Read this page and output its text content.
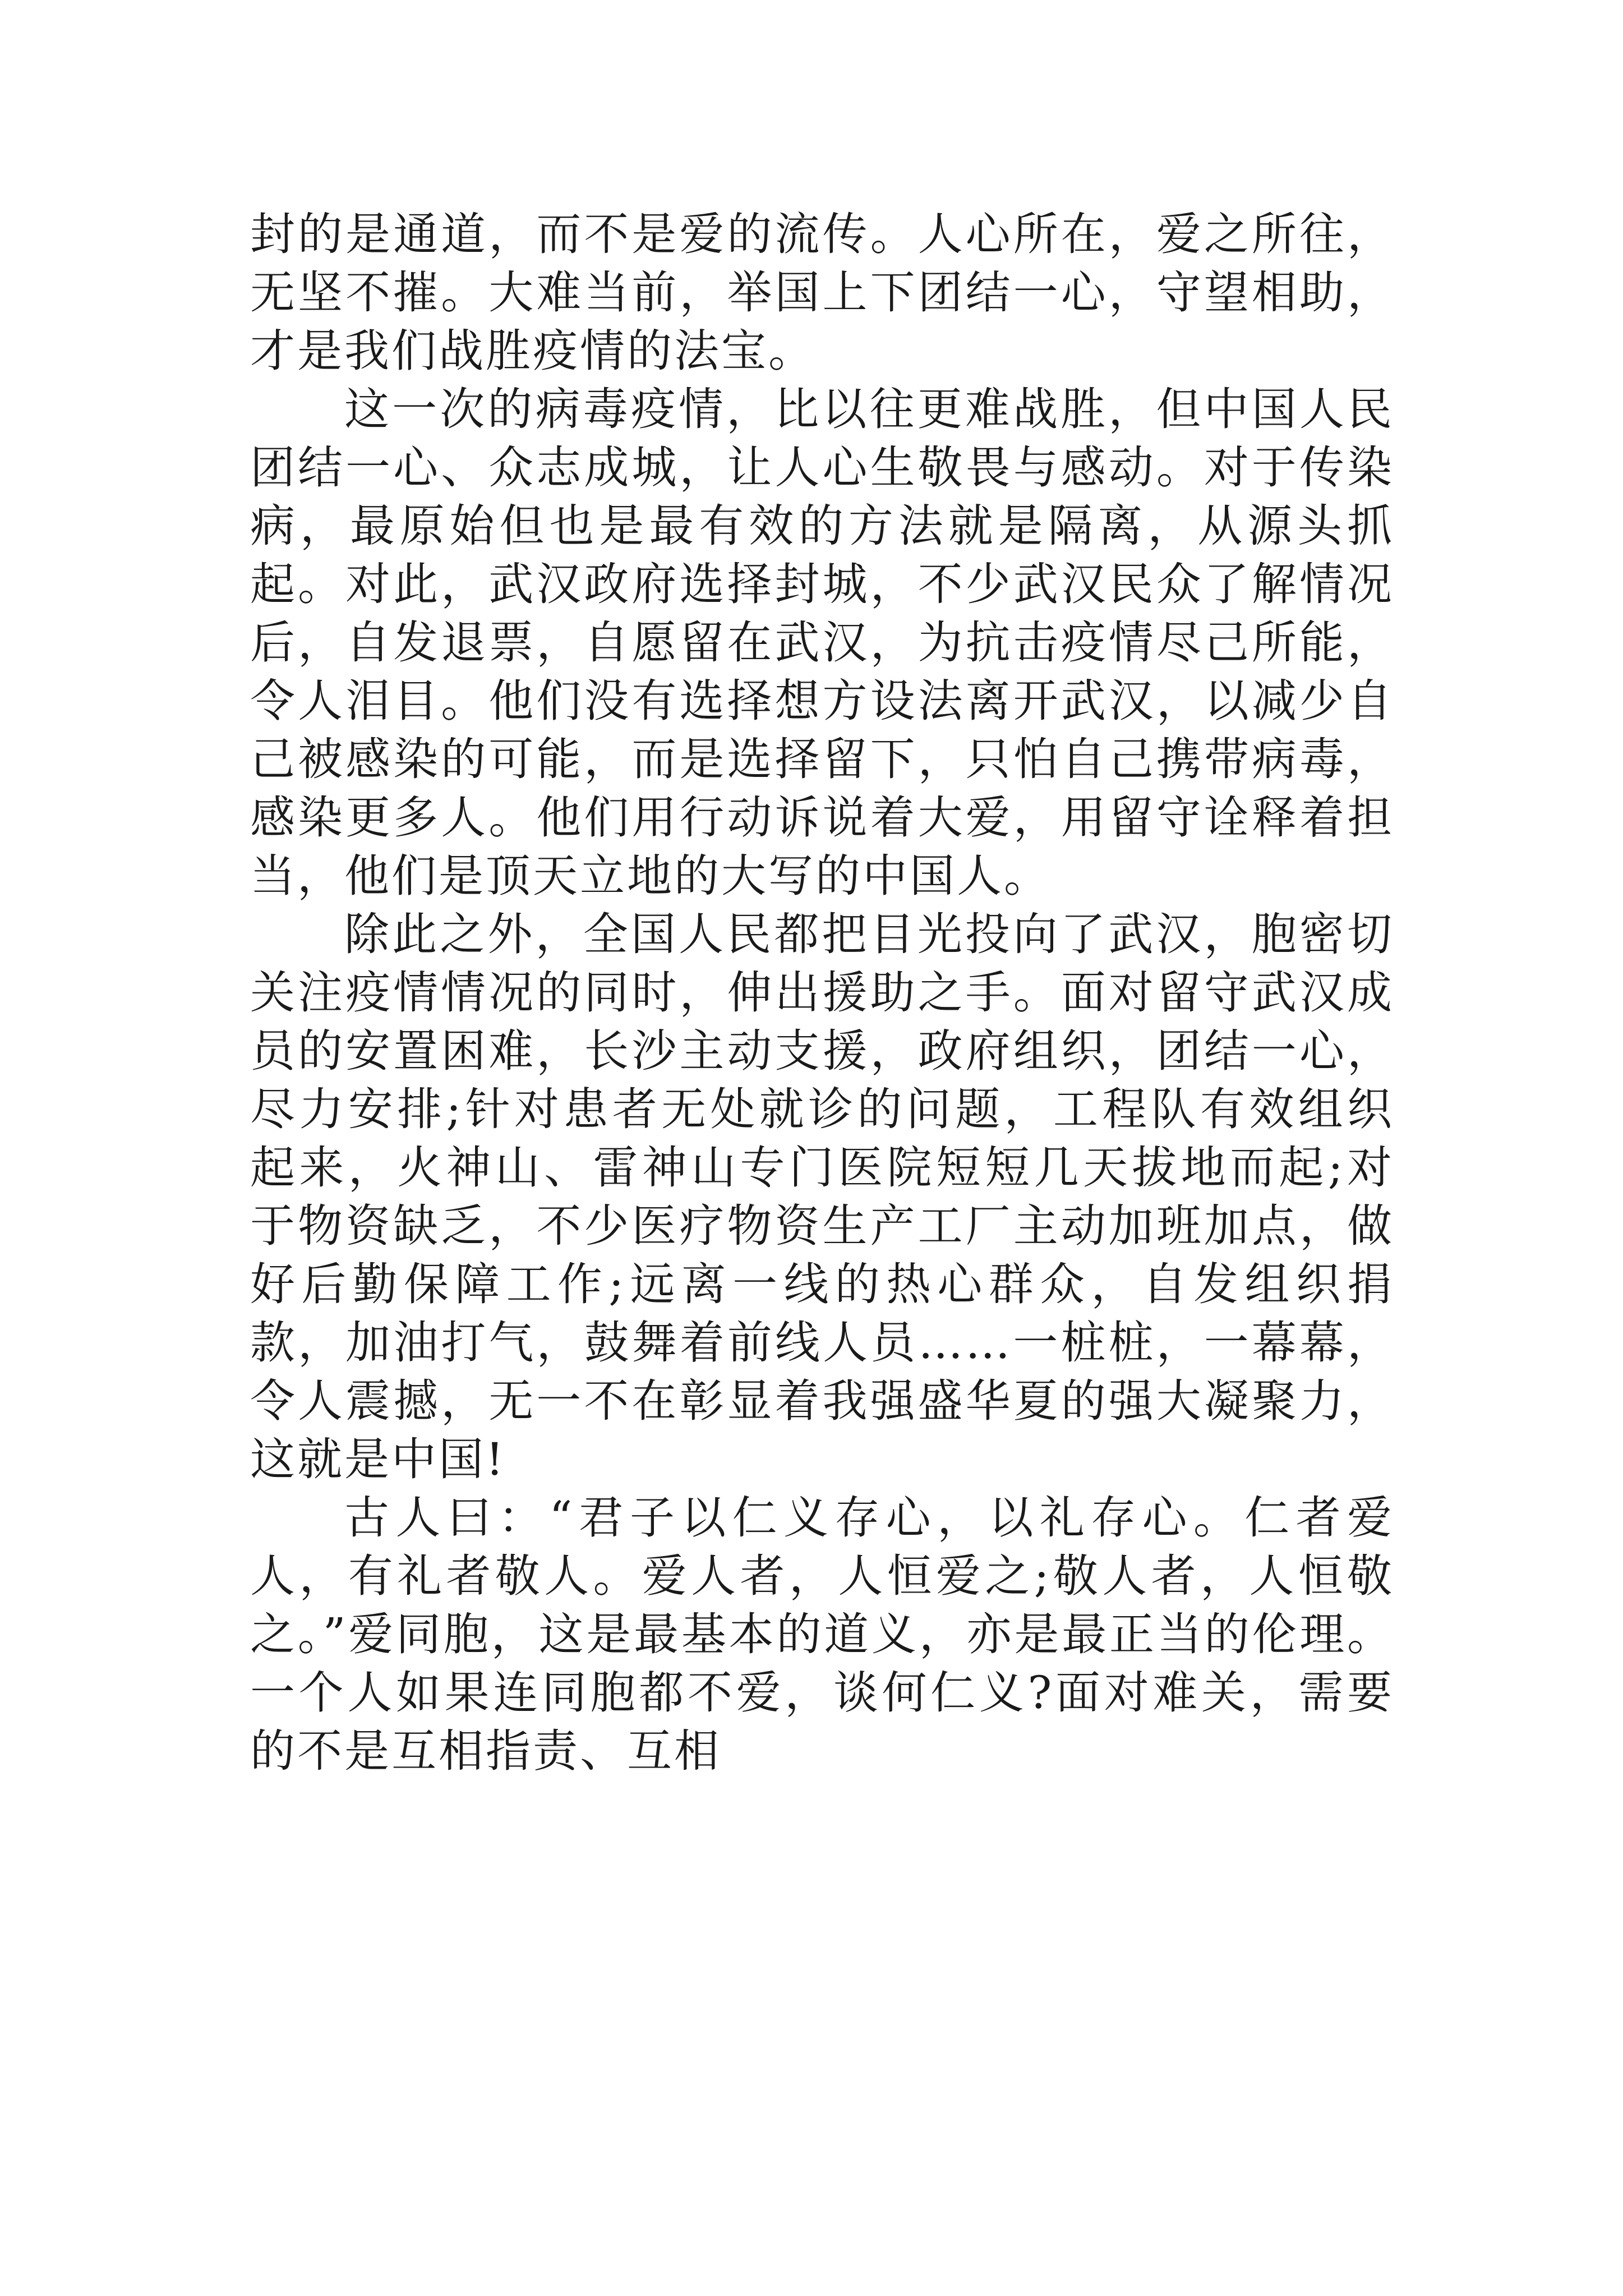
封的是通道，而不是爱的流传。人心所在，爱之所往，无坚不摧。大难当前，举国上下团结一心，守望相助，才是我们战胜疫情的法宝。

这一次的病毒疫情，比以往更难战胜，但中国人民团结一心、众志成城，让人心生敬畏与感动。对于传染病，最原始但也是最有效的方法就是隔离，从源头抓起。对此，武汉政府选择封城，不少武汉民众了解情况后，自发退票，自愿留在武汉，为抗击疫情尽己所能，令人泪目。他们没有选择想方设法离开武汉，以减少自己被感染的可能，而是选择留下，只怕自己携带病毒，感染更多人。他们用行动诉说着大爱，用留守诠释着担当，他们是顶天立地的大写的中国人。

除此之外，全国人民都把目光投向了武汉，胞密切关注疫情情况的同时，伸出援助之手。面对留守武汉成员的安置困难，长沙主动支援，政府组织，团结一心，尽力安排;针对患者无处就诊的问题，工程队有效组织起来，火神山、雷神山专门医院短短几天拔地而起;对于物资缺乏，不少医疗物资生产工厂主动加班加点，做好后勤保障工作;远离一线的热心群众，自发组织捐款，加油打气，鼓舞着前线人员……一桩桩，一幕幕，令人震撼，无一不在彰显着我强盛华夏的强大凝聚力，这就是中国!

古人曰：“君子以仁义存心，以礼存心。仁者爱人，有礼者敬人。爱人者，人恒爱之;敬人者，人恒敬之。”爱同胞，这是最基本的道义，亦是最正当的伦理。一个人如果连同胞都不爱，谈何仁义?面对难关，需要的不是互相指责、互相
